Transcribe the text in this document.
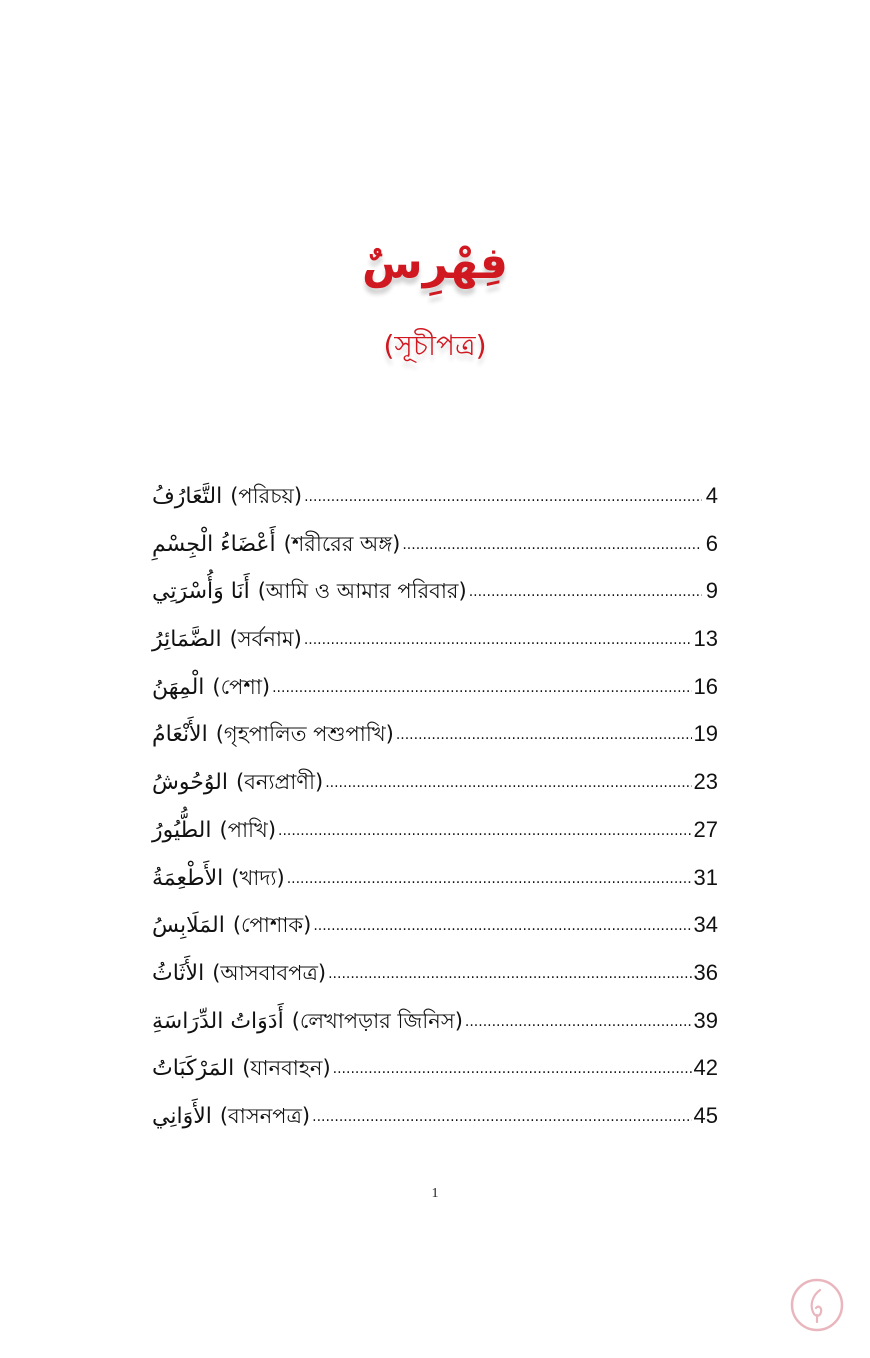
فِهْرِسٌ
(সূচীপত্র)
التَّعَارُفُ (পরিচয়) .....	4
أَعْضَاءُ الْجِسْمِ (শরীরের অঙ্গ) .....	6
أَنَا وَأُسْرَتِي (আমি ও আমার পরিবার) .....	9
الضَّمَائِرُ (সর্বনাম) .....	13
الْمِهَنُ (পেশা) .....	16
الأَنْعَامُ (গৃহপালিত পশুপাখি) .....	19
الوُحُوشُ (বন্যপ্রাণী) .....	23
الطُّيُورُ (পাখি) .....	27
الأَطْعِمَةُ (খাদ্য) .....	31
المَلَابِسُ (পোশাক) .....	34
الأَثَاثُ (আসবাবপত্র) .....	36
أَدَوَاتُ الدِّرَاسَةِ (লেখাপড়ার জিনিস) .....	39
المَرْكَبَاتُ (যানবাহন) .....	42
الأَوَانِي (বাসনপত্র) .....	45
1
